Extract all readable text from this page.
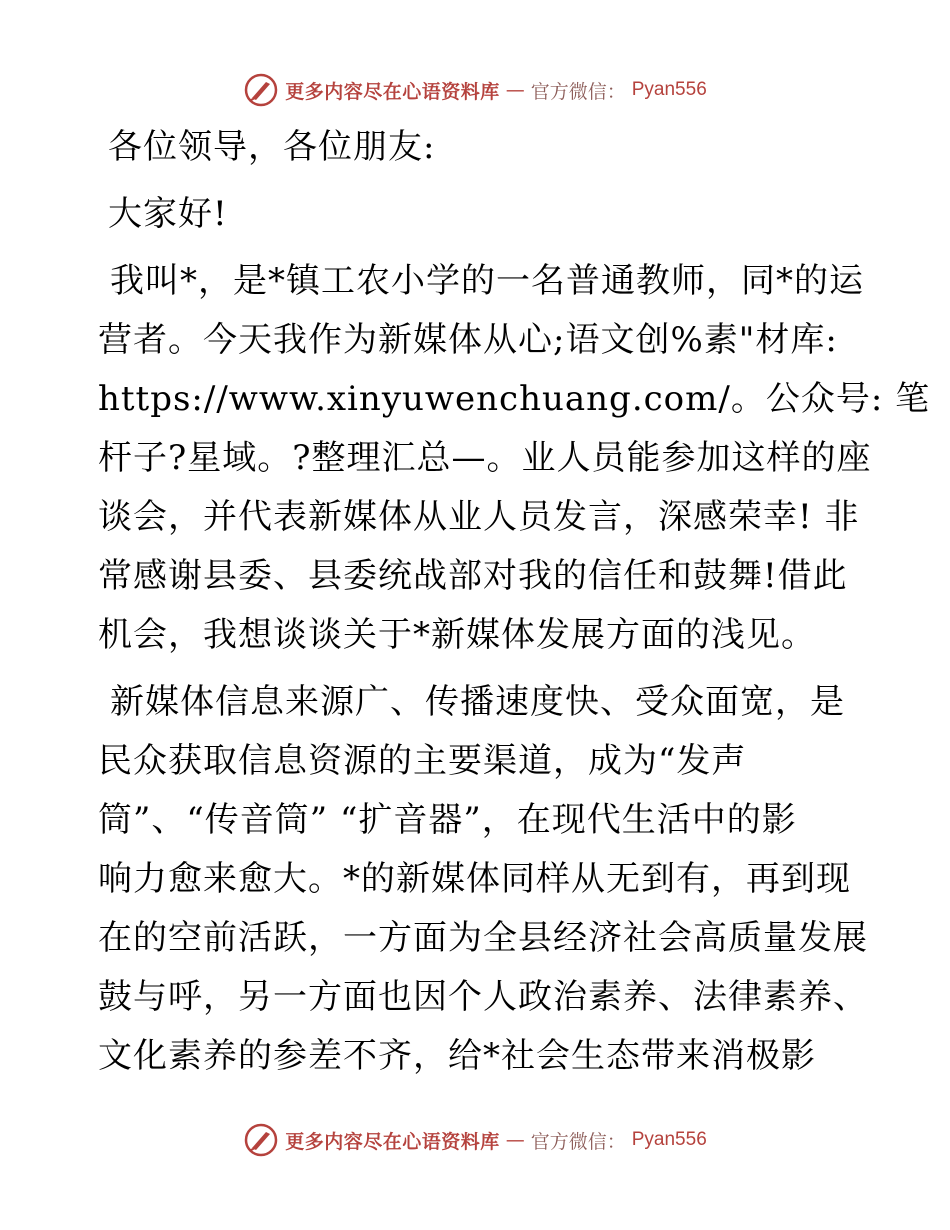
更多内容尽在心语资料库 — 官方微信： Pyan556
各位领导，各位朋友:
大家好!
我叫*，是*镇工农小学的一名普通教师，同*的运
营者。今天我作为新媒体从心;语文创%素"材库:
https://www.xinyuwenchuang.com/。公众号: 笔
杆子?星域。?整理汇总—。业人员能参加这样的座
谈会，并代表新媒体从业人员发言，深感荣幸! 非
常感谢县委、县委统战部对我的信任和鼓舞!借此
机会，我想谈谈关于*新媒体发展方面的浅见。
新媒体信息来源广、传播速度快、受众面宽，是
民众获取信息资源的主要渠道，成为“发声
筒”、“传音筒” “扩音器”，在现代生活中的影
响力愈来愈大。*的新媒体同样从无到有，再到现
在的空前活跃，一方面为全县经济社会高质量发展
鼓与呼，另一方面也因个人政治素养、法律素养、
文化素养的参差不齐，给*社会生态带来消极影
更多内容尽在心语资料库 — 官方微信： Pyan556
